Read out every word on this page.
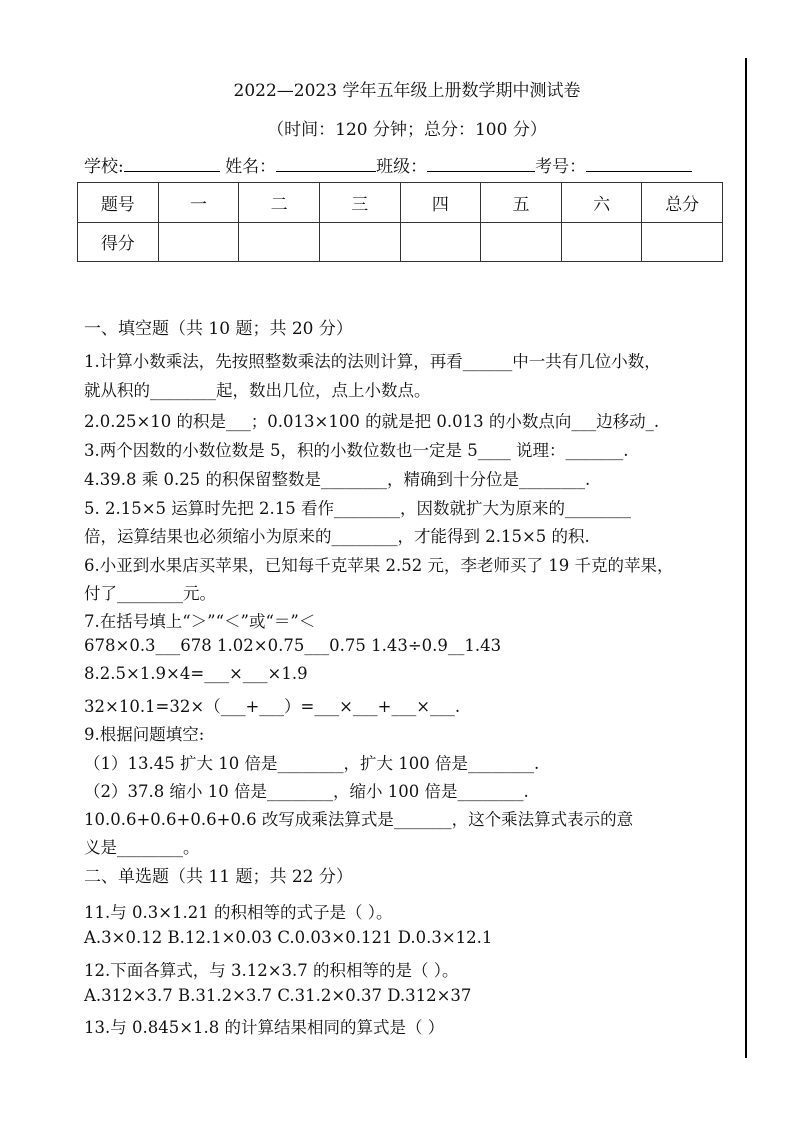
2022—2023 学年五年级上册数学期中测试卷
（时间：120 分钟；总分：100 分）
学校:	姓名：	班级：	考号：
题号	一	二	三	四	五	六	总分
得分							
一、填空题（共 10 题；共 20 分）
1.计算小数乘法，先按照整数乘法的法则计算，再看______中一共有几位小数，
就从积的________起，数出几位，点上小数点。
2.0.25×10 的积是___；0.013×100 的就是把 0.013 的小数点向___边移动_.
3.两个因数的小数位数是 5，积的小数位数也一定是 5____ 说理：_______.
4.39.8 乘 0.25 的积保留整数是________，精确到十分位是________.
5. 2.15×5 运算时先把 2.15 看作________，因数就扩大为原来的________
倍，运算结果也必须缩小为原来的________，才能得到 2.15×5 的积.
6.小亚到水果店买苹果，已知每千克苹果 2.52 元，李老师买了 19 千克的苹果，
付了________元。
7.在括号填上“＞”“＜”或“＝”＜
678×0.3___678 1.02×0.75___0.75 1.43÷0.9__1.43
8.2.5×1.9×4=___×___×1.9
32×10.1=32×（___+___）=___×___+___×___.
9.根据问题填空:
（1）13.45 扩大 10 倍是________，扩大 100 倍是________.
（2）37.8 缩小 10 倍是________，缩小 100 倍是________.
10.0.6+0.6+0.6+0.6 改写成乘法算式是_______，这个乘法算式表示的意
义是________。
二、单选题（共 11 题；共 22 分）
11.与 0.3×1.21 的积相等的式子是（ ）。
A.3×0.12 B.12.1×0.03 C.0.03×0.121 D.0.3×12.1
12.下面各算式，与 3.12×3.7 的积相等的是（ ）。
A.312×3.7 B.31.2×3.7 C.31.2×0.37 D.312×37
13.与 0.845×1.8 的计算结果相同的算式是（ ）
